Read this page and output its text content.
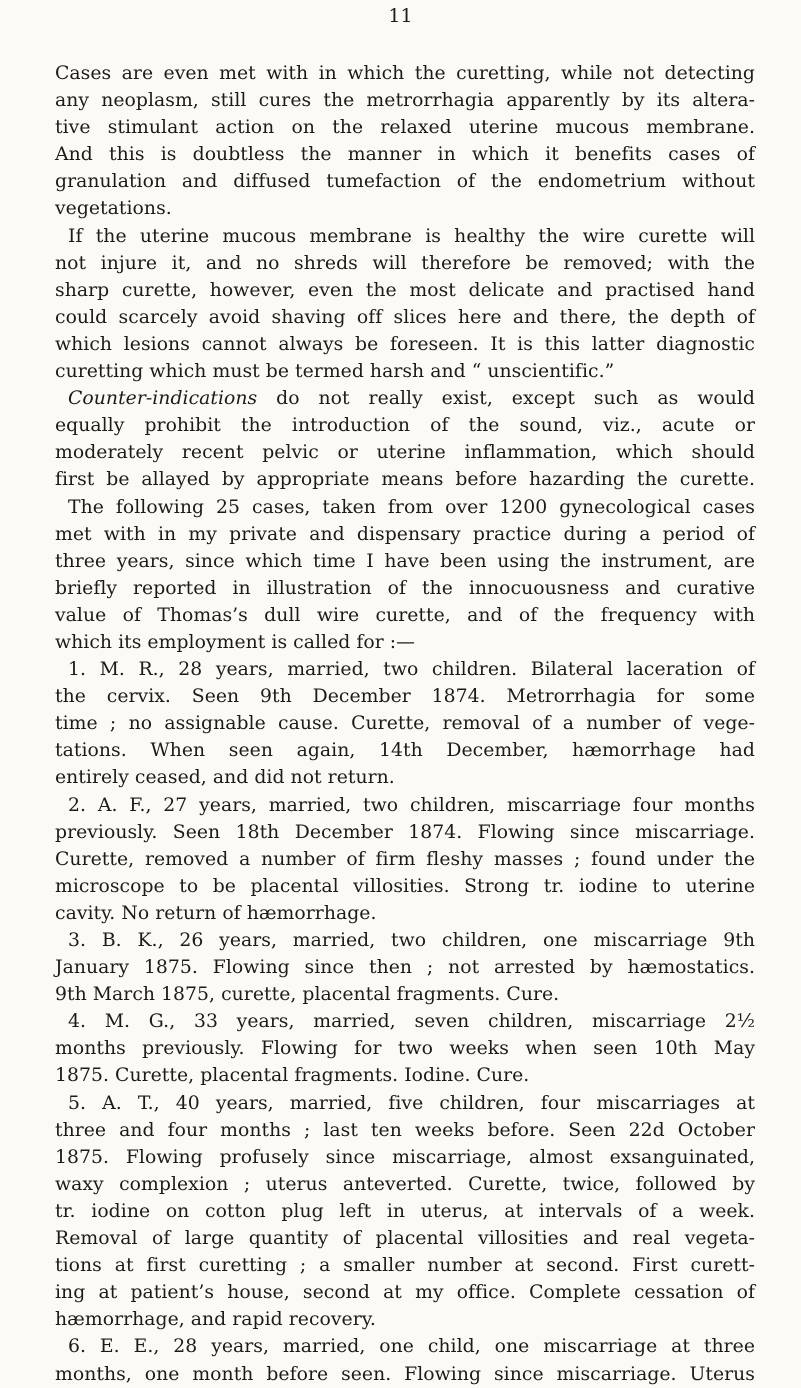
11
Cases are even met with in which the curetting, while not detecting
any neoplasm, still cures the metrorrhagia apparently by its altera-
tive stimulant action on the relaxed uterine mucous membrane.
And this is doubtless the manner in which it benefits cases of
granulation and diffused tumefaction of the endometrium without
vegetations.
If the uterine mucous membrane is healthy the wire curette will
not injure it, and no shreds will therefore be removed; with the
sharp curette, however, even the most delicate and practised hand
could scarcely avoid shaving off slices here and there, the depth of
which lesions cannot always be foreseen. It is this latter diagnostic
curetting which must be termed harsh and “ unscientific.”
Counter-indications do not really exist, except such as would
equally prohibit the introduction of the sound, viz., acute or
moderately recent pelvic or uterine inflammation, which should
first be allayed by appropriate means before hazarding the curette.
The following 25 cases, taken from over 1200 gynecological cases
met with in my private and dispensary practice during a period of
three years, since which time I have been using the instrument, are
briefly reported in illustration of the innocuousness and curative
value of Thomas’s dull wire curette, and of the frequency with
which its employment is called for :—
1. M. R., 28 years, married, two children. Bilateral laceration of
the cervix. Seen 9th December 1874. Metrorrhagia for some
time ; no assignable cause. Curette, removal of a number of vege-
tations. When seen again, 14th December, hæmorrhage had
entirely ceased, and did not return.
2. A. F., 27 years, married, two children, miscarriage four months
previously. Seen 18th December 1874. Flowing since miscarriage.
Curette, removed a number of firm fleshy masses ; found under the
microscope to be placental villosities. Strong tr. iodine to uterine
cavity. No return of hæmorrhage.
3. B. K., 26 years, married, two children, one miscarriage 9th
January 1875. Flowing since then ; not arrested by hæmostatics.
9th March 1875, curette, placental fragments. Cure.
4. M. G., 33 years, married, seven children, miscarriage 2½
months previously. Flowing for two weeks when seen 10th May
1875. Curette, placental fragments. Iodine. Cure.
5. A. T., 40 years, married, five children, four miscarriages at
three and four months ; last ten weeks before. Seen 22d October
1875. Flowing profusely since miscarriage, almost exsanguinated,
waxy complexion ; uterus anteverted. Curette, twice, followed by
tr. iodine on cotton plug left in uterus, at intervals of a week.
Removal of large quantity of placental villosities and real vegeta-
tions at first curetting ; a smaller number at second. First curett-
ing at patient’s house, second at my office. Complete cessation of
hæmorrhage, and rapid recovery.
6. E. E., 28 years, married, one child, one miscarriage at three
months, one month before seen. Flowing since miscarriage. Uterus
